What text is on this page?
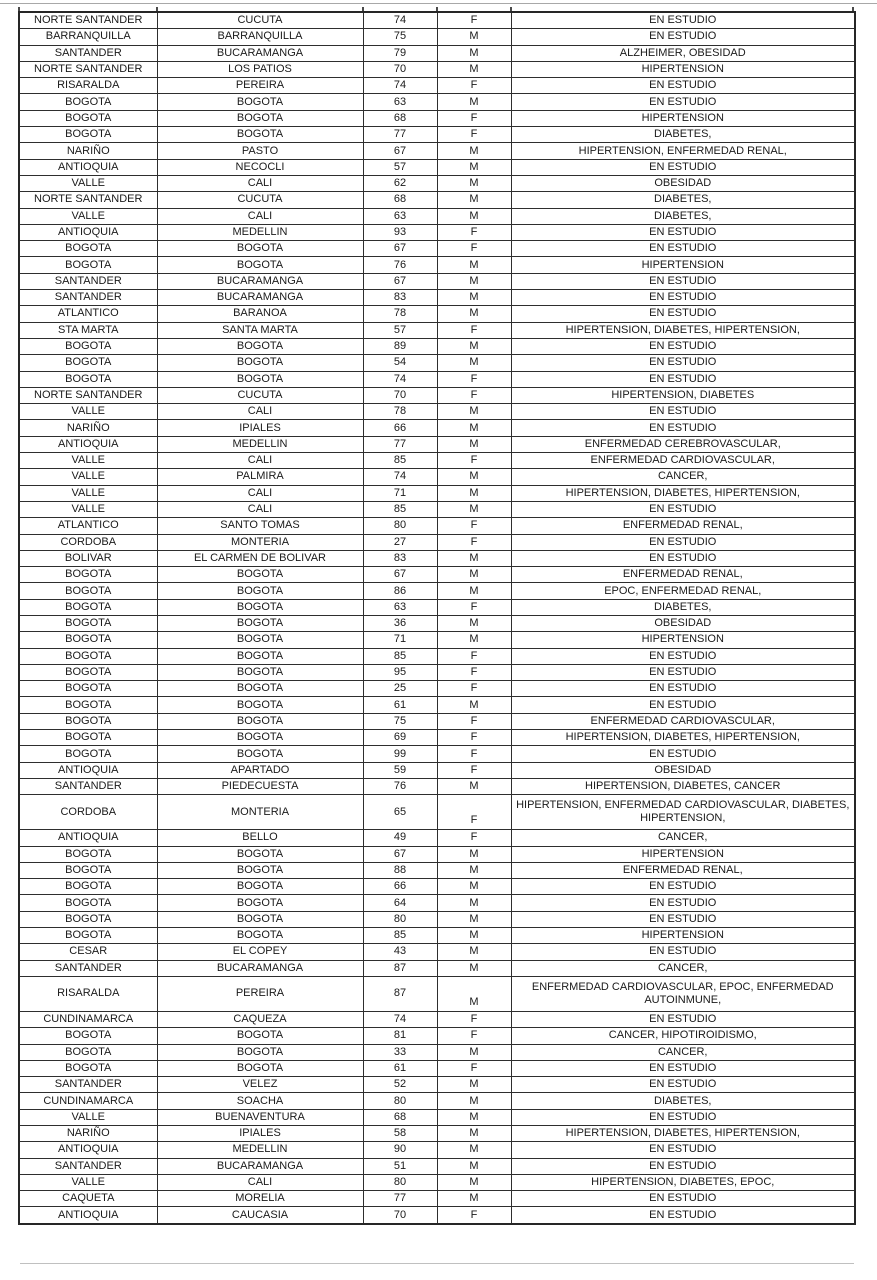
NORTE SANTANDER	CUCUTA	74	F	EN ESTUDIO
BARRANQUILLA	BARRANQUILLA	75	M	EN ESTUDIO
SANTANDER	BUCARAMANGA	79	M	ALZHEIMER, OBESIDAD
NORTE SANTANDER	LOS PATIOS	70	M	HIPERTENSION
RISARALDA	PEREIRA	74	F	EN ESTUDIO
BOGOTA	BOGOTA	63	M	EN ESTUDIO
BOGOTA	BOGOTA	68	F	HIPERTENSION
BOGOTA	BOGOTA	77	F	DIABETES,
NARIÑO	PASTO	67	M	HIPERTENSION, ENFERMEDAD RENAL,
ANTIOQUIA	NECOCLI	57	M	EN ESTUDIO
VALLE	CALI	62	M	OBESIDAD
NORTE SANTANDER	CUCUTA	68	M	DIABETES,
VALLE	CALI	63	M	DIABETES,
ANTIOQUIA	MEDELLIN	93	F	EN ESTUDIO
BOGOTA	BOGOTA	67	F	EN ESTUDIO
BOGOTA	BOGOTA	76	M	HIPERTENSION
SANTANDER	BUCARAMANGA	67	M	EN ESTUDIO
SANTANDER	BUCARAMANGA	83	M	EN ESTUDIO
ATLANTICO	BARANOA	78	M	EN ESTUDIO
STA MARTA	SANTA MARTA	57	F	HIPERTENSION, DIABETES, HIPERTENSION,
BOGOTA	BOGOTA	89	M	EN ESTUDIO
BOGOTA	BOGOTA	54	M	EN ESTUDIO
BOGOTA	BOGOTA	74	F	EN ESTUDIO
NORTE SANTANDER	CUCUTA	70	F	HIPERTENSION, DIABETES
VALLE	CALI	78	M	EN ESTUDIO
NARIÑO	IPIALES	66	M	EN ESTUDIO
ANTIOQUIA	MEDELLIN	77	M	ENFERMEDAD CEREBROVASCULAR,
VALLE	CALI	85	F	ENFERMEDAD CARDIOVASCULAR,
VALLE	PALMIRA	74	M	CANCER,
VALLE	CALI	71	M	HIPERTENSION, DIABETES, HIPERTENSION,
VALLE	CALI	85	M	EN ESTUDIO
ATLANTICO	SANTO TOMAS	80	F	ENFERMEDAD RENAL,
CORDOBA	MONTERIA	27	F	EN ESTUDIO
BOLIVAR	EL CARMEN DE BOLIVAR	83	M	EN ESTUDIO
BOGOTA	BOGOTA	67	M	ENFERMEDAD RENAL,
BOGOTA	BOGOTA	86	M	EPOC, ENFERMEDAD RENAL,
BOGOTA	BOGOTA	63	F	DIABETES,
BOGOTA	BOGOTA	36	M	OBESIDAD
BOGOTA	BOGOTA	71	M	HIPERTENSION
BOGOTA	BOGOTA	85	F	EN ESTUDIO
BOGOTA	BOGOTA	95	F	EN ESTUDIO
BOGOTA	BOGOTA	25	F	EN ESTUDIO
BOGOTA	BOGOTA	61	M	EN ESTUDIO
BOGOTA	BOGOTA	75	F	ENFERMEDAD CARDIOVASCULAR,
BOGOTA	BOGOTA	69	F	HIPERTENSION, DIABETES, HIPERTENSION,
BOGOTA	BOGOTA	99	F	EN ESTUDIO
ANTIOQUIA	APARTADO	59	F	OBESIDAD
SANTANDER	PIEDECUESTA	76	M	HIPERTENSION, DIABETES, CANCER
CORDOBA	MONTERIA	65	F	HIPERTENSION, ENFERMEDAD CARDIOVASCULAR, DIABETES, HIPERTENSION,
ANTIOQUIA	BELLO	49	F	CANCER,
BOGOTA	BOGOTA	67	M	HIPERTENSION
BOGOTA	BOGOTA	88	M	ENFERMEDAD RENAL,
BOGOTA	BOGOTA	66	M	EN ESTUDIO
BOGOTA	BOGOTA	64	M	EN ESTUDIO
BOGOTA	BOGOTA	80	M	EN ESTUDIO
BOGOTA	BOGOTA	85	M	HIPERTENSION
CESAR	EL COPEY	43	M	EN ESTUDIO
SANTANDER	BUCARAMANGA	87	M	CANCER,
RISARALDA	PEREIRA	87	M	ENFERMEDAD CARDIOVASCULAR, EPOC, ENFERMEDAD AUTOINMUNE,
CUNDINAMARCA	CAQUEZA	74	F	EN ESTUDIO
BOGOTA	BOGOTA	81	F	CANCER, HIPOTIROIDISMO,
BOGOTA	BOGOTA	33	M	CANCER,
BOGOTA	BOGOTA	61	F	EN ESTUDIO
SANTANDER	VELEZ	52	M	EN ESTUDIO
CUNDINAMARCA	SOACHA	80	M	DIABETES,
VALLE	BUENAVENTURA	68	M	EN ESTUDIO
NARIÑO	IPIALES	58	M	HIPERTENSION, DIABETES, HIPERTENSION,
ANTIOQUIA	MEDELLIN	90	M	EN ESTUDIO
SANTANDER	BUCARAMANGA	51	M	EN ESTUDIO
VALLE	CALI	80	M	HIPERTENSION, DIABETES, EPOC,
CAQUETA	MORELIA	77	M	EN ESTUDIO
ANTIOQUIA	CAUCASIA	70	F	EN ESTUDIO
